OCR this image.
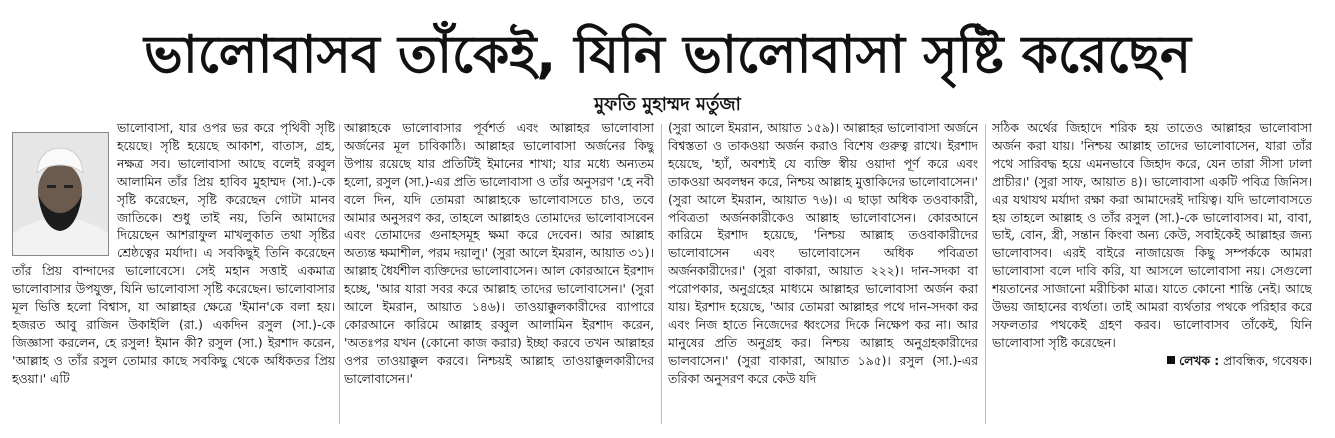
ভালোবাসব তাঁকেই, যিনি ভালোবাসা সৃষ্টি করেছেন
মুফতি মুহাম্মদ মর্তুজা

ভালোবাসা, যার ওপর ভর করে পৃথিবী সৃষ্টি হয়েছে। সৃষ্টি হয়েছে আকাশ, বাতাস, গ্রহ, নক্ষত্র সব। ভালোবাসা আছে বলেই রব্বুল আলামিন তাঁর প্রিয় হাবিব মুহাম্মদ (সা.)-কে সৃষ্টি করেছেন, সৃষ্টি করেছেন গোটা মানব জাতিকে। শুধু তাই নয়, তিনি আমাদের দিয়েছেন আশরাফুল মাখলুকাত তথা সৃষ্টির শ্রেষ্ঠত্বের মর্যাদা। এ সবকিছুই তিনি করেছেন তাঁর প্রিয় বান্দাদের ভালোবেসে। সেই মহান সত্তাই একমাত্র ভালোবাসার উপযুক্ত, যিনি ভালোবাসা সৃষ্টি করেছেন। ভালোবাসার মূল ভিত্তি হলো বিশ্বাস, যা আল্লাহর ক্ষেত্রে 'ইমান'কে বলা হয়। হজরত আবু রাজিন উকাইলি (রা.) একদিন রসুল (সা.)-কে জিজ্ঞাসা করলেন, হে রসুল! ইমান কী? রসুল (সা.) ইরশাদ করেন, 'আল্লাহ ও তাঁর রসুল তোমার কাছে সবকিছু থেকে অধিকতর প্রিয় হওয়া।' এটি

আল্লাহকে ভালোবাসার পূর্বশর্ত এবং আল্লাহর ভালোবাসা অর্জনের মূল চাবিকাঠি। আল্লাহর ভালোবাসা অর্জনের কিছু উপায় রয়েছে যার প্রতিটিই ইমানের শাখা; যার মধ্যে অন্যতম হলো, রসুল (সা.)-এর প্রতি ভালোবাসা ও তাঁর অনুসরণ 'হে নবী বলে দিন, যদি তোমরা আল্লাহকে ভালোবাসতে চাও, তবে আমার অনুসরণ কর, তাহলে আল্লাহও তোমাদের ভালোবাসবেন এবং তোমাদের গুনাহসমূহ ক্ষমা করে দেবেন। আর আল্লাহ অত্যন্ত ক্ষমাশীল, পরম দয়ালু।' (সুরা আলে ইমরান, আয়াত ৩১)। আল্লাহ ধৈর্যশীল ব্যক্তিদের ভালোবাসেন। আল কোরআনে ইরশাদ হচ্ছে, 'আর যারা সবর করে আল্লাহ তাদের ভালোবাসেন।' (সুরা আলে ইমরান, আয়াত ১৪৬)। তাওয়াক্কুলকারীদের ব্যাপারে কোরআনে কারিমে আল্লাহ রব্বুল আলামিন ইরশাদ করেন, 'অতঃপর যখন (কোনো কাজ করার) ইচ্ছা করবে তখন আল্লাহর ওপর তাওয়াক্কুল করবে। নিশ্চয়ই আল্লাহ তাওয়াক্কুলকারীদের ভালোবাসেন।'

(সুরা আলে ইমরান, আয়াত ১৫৯)। আল্লাহর ভালোবাসা অর্জনে বিশ্বস্ততা ও তাকওয়া অর্জন করাও বিশেষ গুরুত্ব রাখে। ইরশাদ হয়েছে, 'হ্যাঁ, অবশ্যই যে ব্যক্তি স্বীয় ওয়াদা পূর্ণ করে এবং তাকওয়া অবলম্বন করে, নিশ্চয় আল্লাহ মুত্তাকিদের ভালোবাসেন।' (সুরা আলে ইমরান, আয়াত ৭৬)। এ ছাড়া অধিক তওবাকারী, পবিত্রতা অর্জনকারীকেও আল্লাহ ভালোবাসেন। কোরআনে কারিমে ইরশাদ হয়েছে, 'নিশ্চয় আল্লাহ তওবাকারীদের ভালোবাসেন এবং ভালোবাসেন অধিক পবিত্রতা অর্জনকারীদের।' (সুরা বাকারা, আয়াত ২২২)। দান-সদকা বা পরোপকার, অনুগ্রহের মাধ্যমে আল্লাহর ভালোবাসা অর্জন করা যায়। ইরশাদ হয়েছে, 'আর তোমরা আল্লাহর পথে দান-সদকা কর এবং নিজ হাতে নিজেদের ধ্বংসের দিকে নিক্ষেপ কর না। আর মানুষের প্রতি অনুগ্রহ কর। নিশ্চয় আল্লাহ অনুগ্রহকারীদের ভালবাসেন।' (সুরা বাকারা, আয়াত ১৯৫)। রসুল (সা.)-এর তরিকা অনুসরণ করে কেউ যদি

সঠিক অর্থের জিহাদে শরিক হয় তাতেও আল্লাহর ভালোবাসা অর্জন করা যায়। 'নিশ্চয় আল্লাহ তাদের ভালোবাসেন, যারা তাঁর পথে সারিবদ্ধ হয়ে এমনভাবে জিহাদ করে, যেন তারা সীসা ঢালা প্রাচীর।' (সুরা সাফ, আয়াত ৪)। ভালোবাসা একটি পবিত্র জিনিস। এর যথাযথ মর্যাদা রক্ষা করা আমাদেরই দায়িত্ব। যদি ভালোবাসতে হয় তাহলে আল্লাহ ও তাঁর রসুল (সা.)-কে ভালোবাসব। মা, বাবা, ভাই, বোন, স্ত্রী, সন্তান কিংবা অন্য কেউ, সবাইকেই আল্লাহর জন্য ভালোবাসব। এরই বাইরে নাজায়েজ কিছু সম্পর্ককে আমরা ভালোবাসা বলে দাবি করি, যা আসলে ভালোবাসা নয়। সেগুলো শয়তানের সাজানো মরীচিকা মাত্র। যাতে কোনো শান্তি নেই। আছে উভয় জাহানের ব্যর্থতা। তাই আমরা ব্যর্থতার পথকে পরিহার করে সফলতার পথকেই গ্রহণ করব। ভালোবাসব তাঁকেই, যিনি ভালোবাসা সৃষ্টি করেছেন।

লেখক : প্রাবন্ধিক, গবেষক।
